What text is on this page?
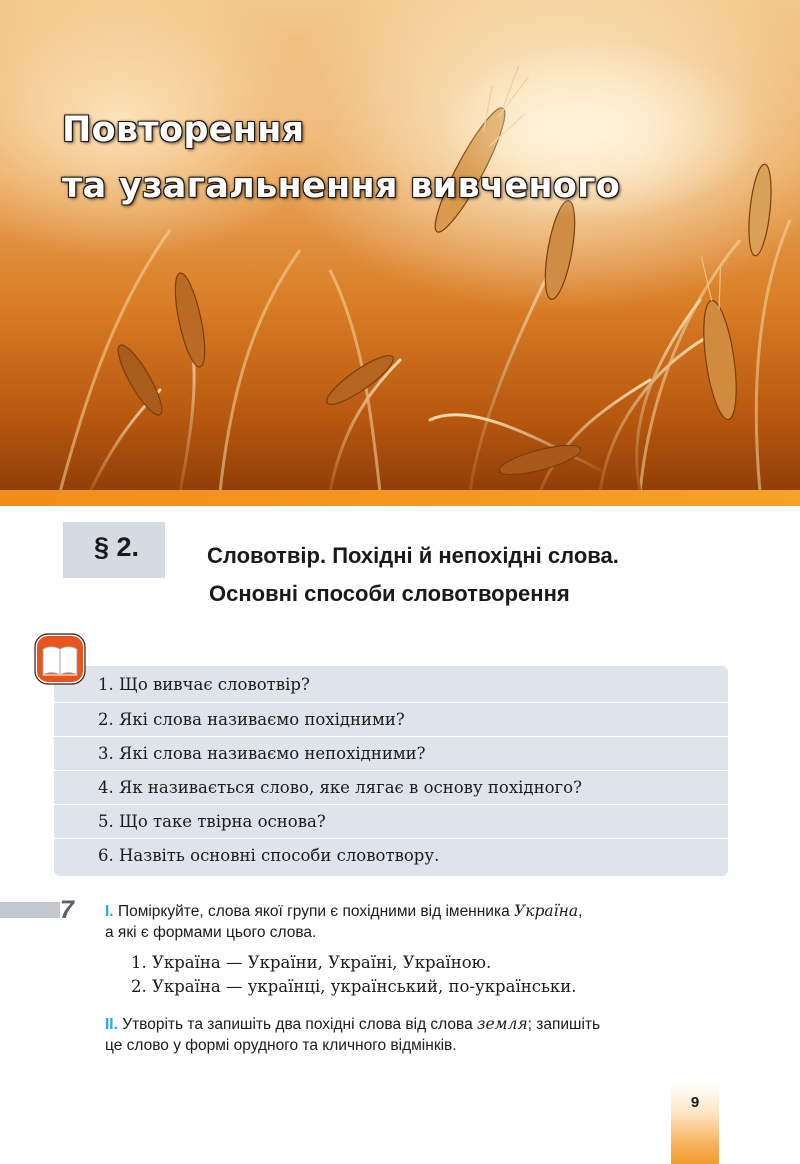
Повторення
та узагальнення вивченого
§ 2.	Словотвір. Похідні й непохідні слова.
Основні способи словотворення
1. Що вивчає словотвір?
2. Які слова називаємо похідними?
3. Які слова називаємо непохідними?
4. Як називається слово, яке лягає в основу похідного?
5. Що таке твірна основа?
6. Назвіть основні способи словотвору.
7 I. Поміркуйте, слова якої групи є похідними від іменника Україна,
а які є формами цього слова.
1. Україна — України, Україні, Україною.
2. Україна — українці, український, по-українськи.
II. Утворіть та запишіть два похідні слова від слова земля; запишіть
це слово у формі орудного та кличного відмінків.
9
